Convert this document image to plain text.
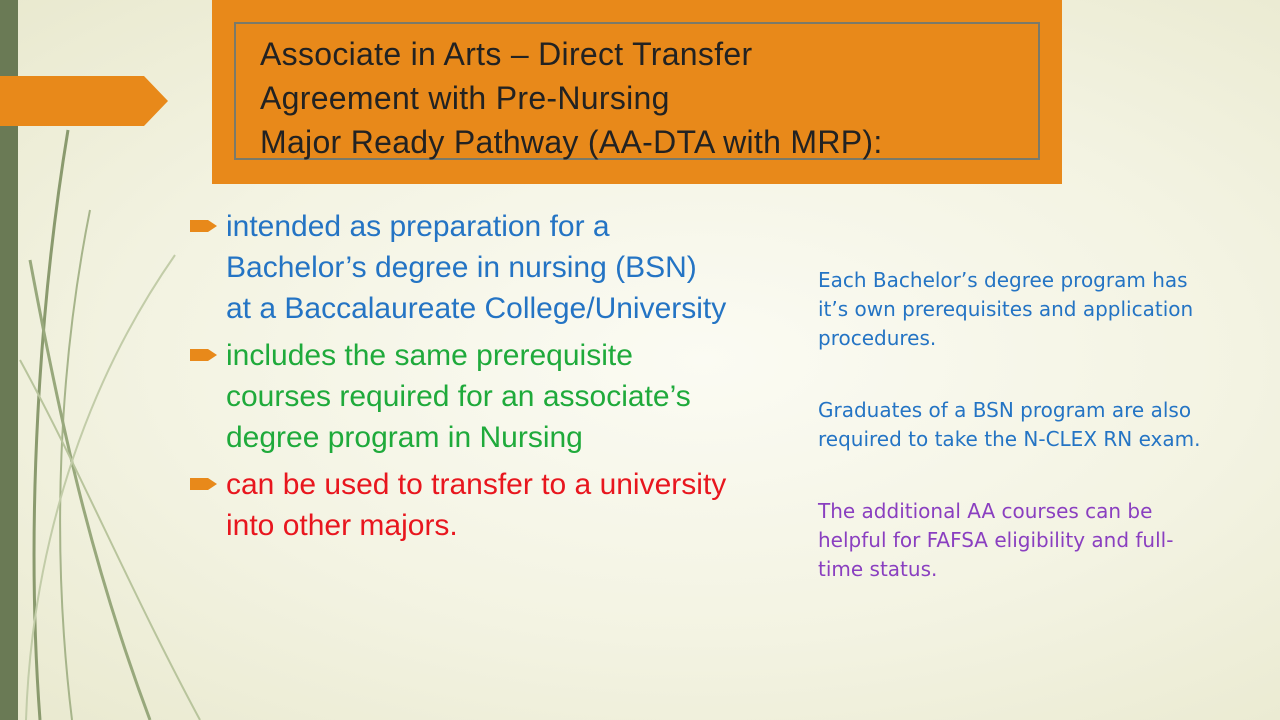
Associate in Arts – Direct Transfer
Agreement with Pre-Nursing
Major Ready Pathway (AA-DTA with MRP):
intended as preparation for a Bachelor’s degree in nursing (BSN) at a Baccalaureate College/University
includes the same prerequisite courses required for an associate’s degree program in Nursing
can be used to transfer to a university into other majors.

Each Bachelor’s degree program has it’s own prerequisites and application procedures.

Graduates of a BSN program are also required to take the N-CLEX RN exam.

The additional AA courses can be helpful for FAFSA eligibility and full-time status.
